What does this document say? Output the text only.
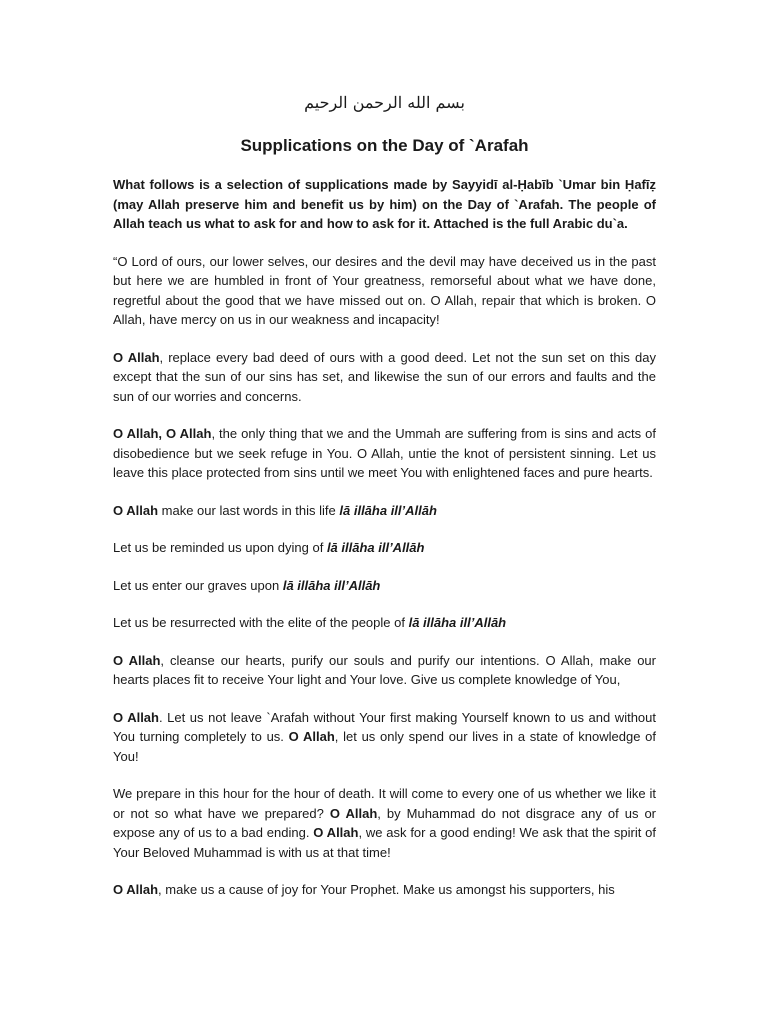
بسم الله الرحمن الرحيم
Supplications on the Day of `Arafah

What follows is a selection of supplications made by Sayyidī al-Ḥabīb `Umar bin Ḥafīẓ (may Allah preserve him and benefit us by him) on the Day of `Arafah. The people of Allah teach us what to ask for and how to ask for it. Attached is the full Arabic du`a.

“O Lord of ours, our lower selves, our desires and the devil may have deceived us in the past but here we are humbled in front of Your greatness, remorseful about what we have done, regretful about the good that we have missed out on. O Allah, repair that which is broken. O Allah, have mercy on us in our weakness and incapacity!

O Allah, replace every bad deed of ours with a good deed. Let not the sun set on this day except that the sun of our sins has set, and likewise the sun of our errors and faults and the sun of our worries and concerns.

O Allah, O Allah, the only thing that we and the Ummah are suffering from is sins and acts of disobedience but we seek refuge in You. O Allah, untie the knot of persistent sinning. Let us leave this place protected from sins until we meet You with enlightened faces and pure hearts.

O Allah make our last words in this life lā illāha ill’Allāh

Let us be reminded us upon dying of lā illāha ill’Allāh

Let us enter our graves upon lā illāha ill’Allāh

Let us be resurrected with the elite of the people of lā illāha ill’Allāh

O Allah, cleanse our hearts, purify our souls and purify our intentions. O Allah, make our hearts places fit to receive Your light and Your love. Give us complete knowledge of You,

O Allah. Let us not leave `Arafah without Your first making Yourself known to us and without You turning completely to us. O Allah, let us only spend our lives in a state of knowledge of You!

We prepare in this hour for the hour of death. It will come to every one of us whether we like it or not so what have we prepared? O Allah, by Muhammad do not disgrace any of us or expose any of us to a bad ending. O Allah, we ask for a good ending! We ask that the spirit of Your Beloved Muhammad is with us at that time!

O Allah, make us a cause of joy for Your Prophet. Make us amongst his supporters, his
